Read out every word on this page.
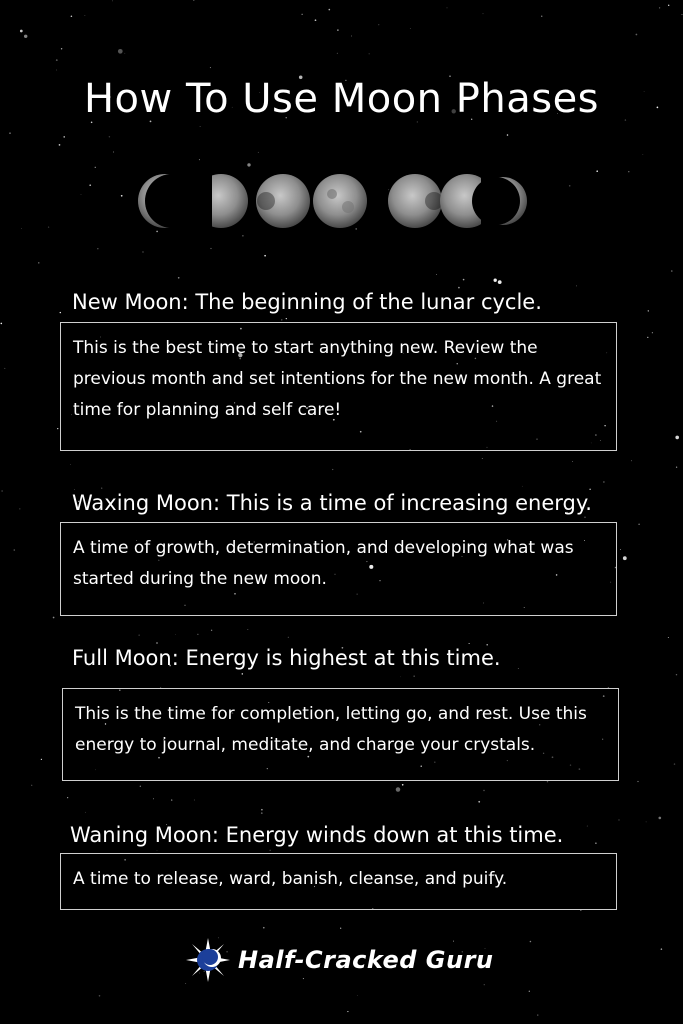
How To Use Moon Phases
New Moon: The beginning of the lunar cycle.
This is the best time to start anything new. Review the previous month and set intentions for the new month. A great time for planning and self care!
Waxing Moon: This is a time of increasing energy.
A time of growth, determination, and developing what was started during the new moon.
Full Moon: Energy is highest at this time.
This is the time for completion, letting go, and rest. Use this energy to journal, meditate, and charge your crystals.
Waning Moon: Energy winds down at this time.
A time to release, ward, banish, cleanse, and puify.
Half-Cracked Guru
